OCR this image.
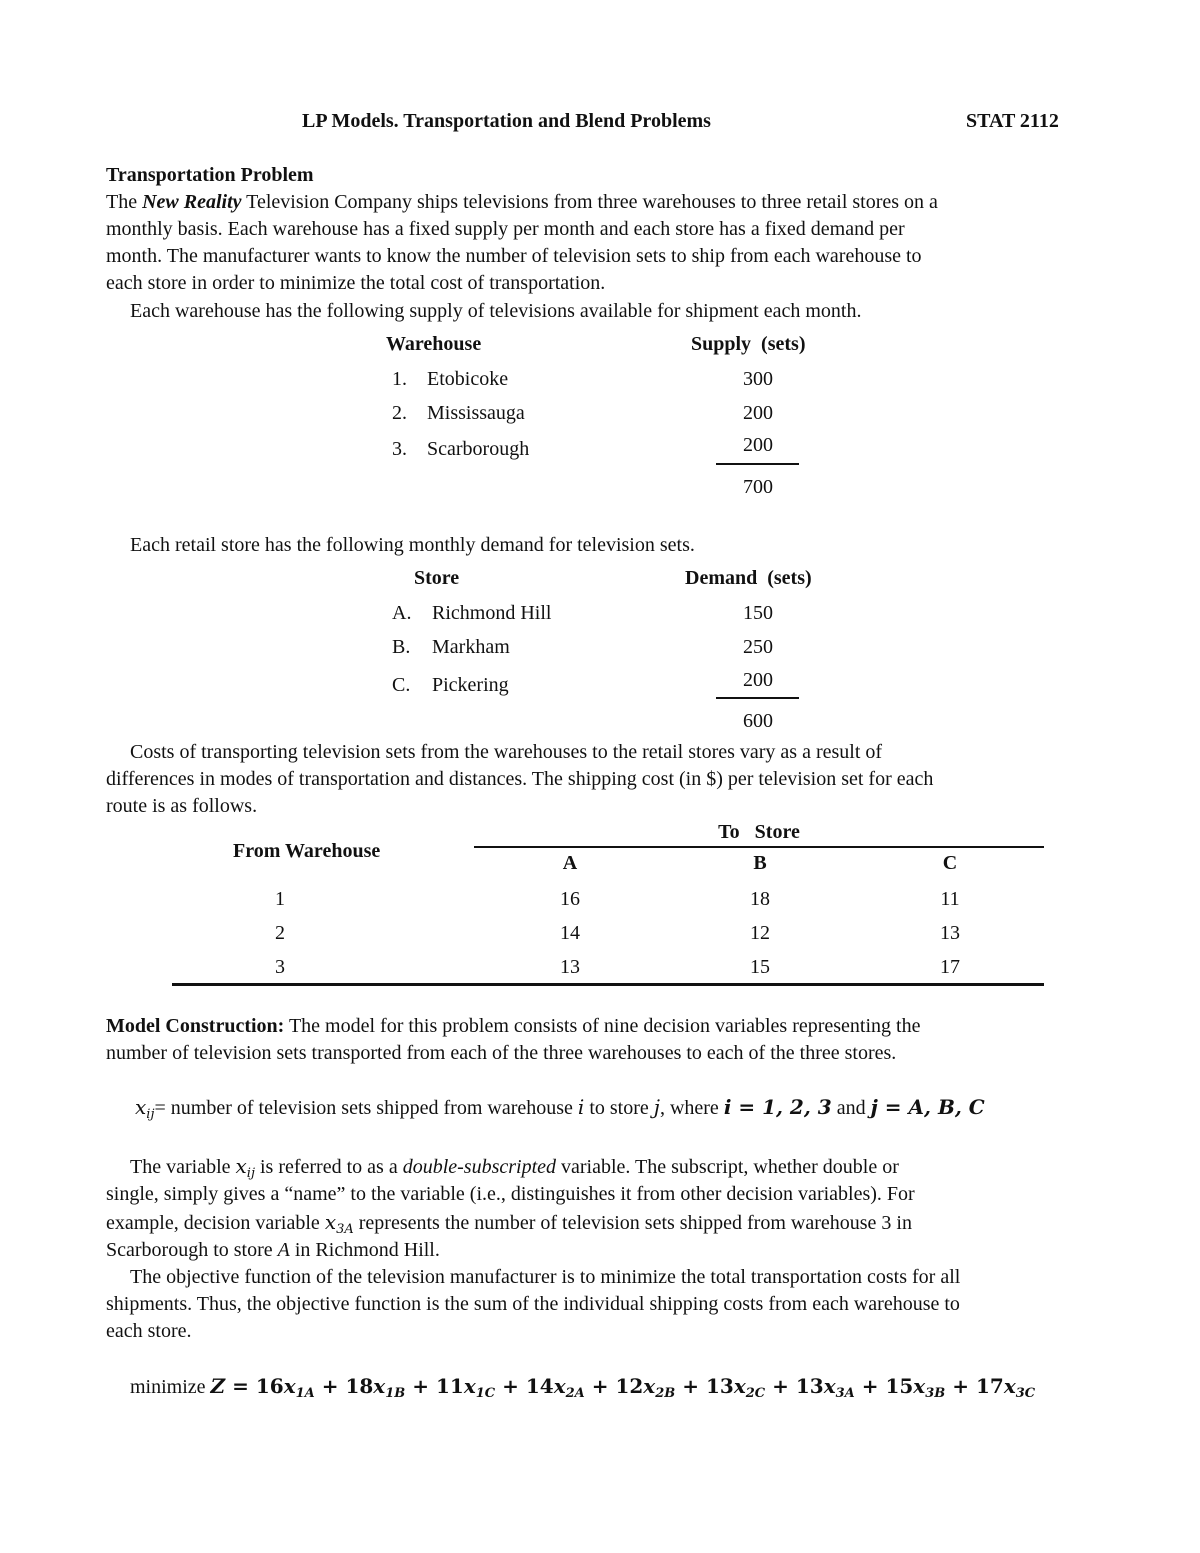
LP Models. Transportation and Blend Problems	STAT 2112
Transportation Problem
The New Reality Television Company ships televisions from three warehouses to three retail stores on a
monthly basis. Each warehouse has a fixed supply per month and each store has a fixed demand per
month. The manufacturer wants to know the number of television sets to ship from each warehouse to
each store in order to minimize the total cost of transportation.
Each warehouse has the following supply of televisions available for shipment each month.
Warehouse	Supply  (sets)
1. Etobicoke	300
2. Mississauga	200
3. Scarborough	200
700
Each retail store has the following monthly demand for television sets.
Store	Demand  (sets)
A. Richmond Hill	150
B. Markham	250
C. Pickering	200
600
Costs of transporting television sets from the warehouses to the retail stores vary as a result of
differences in modes of transportation and distances. The shipping cost (in $) per television set for each
route is as follows.
From Warehouse
To   Store
A	B	C
1	16	18	11
2	14	12	13
3	13	15	17
Model Construction: The model for this problem consists of nine decision variables representing the
number of television sets transported from each of the three warehouses to each of the three stores.
$x_{ij}=$ number of television sets shipped from warehouse i to store j, where i = 1, 2, 3 and j = A, B, C
The variable $x_{ij}$ is referred to as a double-subscripted variable. The subscript, whether double or
single, simply gives a “name” to the variable (i.e., distinguishes it from other decision variables). For
example, decision variable $x_{3A}$ represents the number of television sets shipped from warehouse 3 in
Scarborough to store A in Richmond Hill.
The objective function of the television manufacturer is to minimize the total transportation costs for all
shipments. Thus, the objective function is the sum of the individual shipping costs from each warehouse to
each store.
minimize $Z = 16x_{1A} + 18x_{1B} + 11x_{1C} + 14x_{2A} + 12x_{2B} + 13x_{2C} + 13x_{3A} + 15x_{3B} + 17x_{3C}$
